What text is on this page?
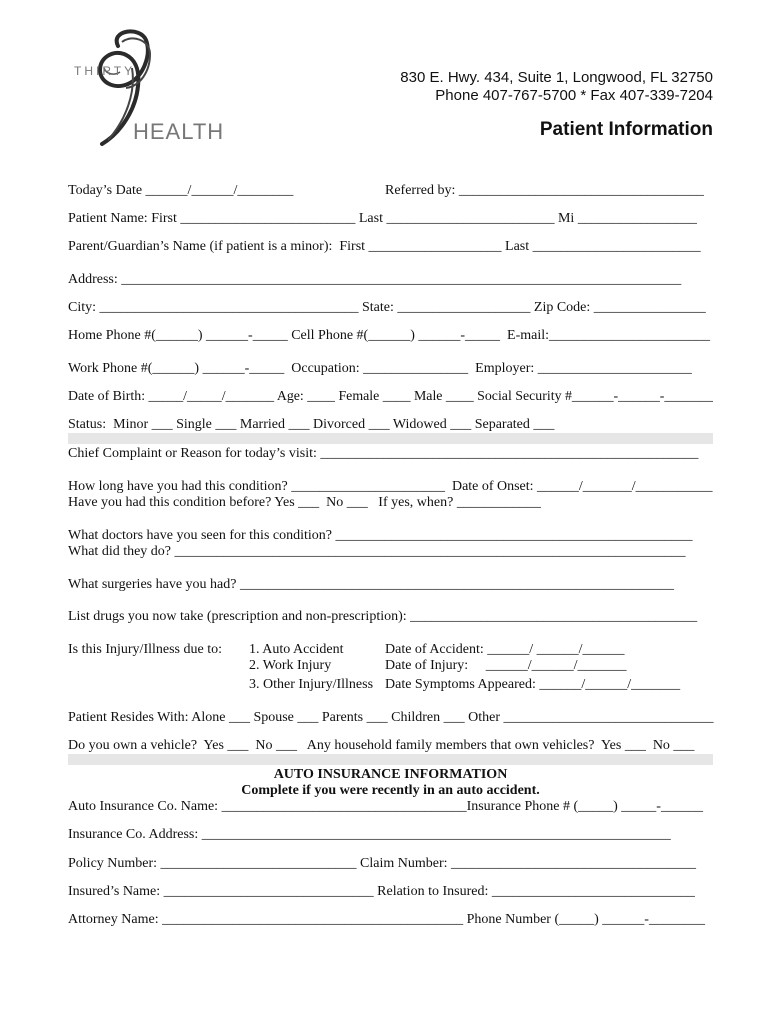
THIRTY
HEALTH
830 E. Hwy. 434, Suite 1, Longwood, FL 32750
Phone 407-767-5700 * Fax 407-339-7204
Patient Information
Today’s Date ______/______/________	Referred by: ___________________________________
Patient Name: First _________________________ Last ________________________ Mi _________________
Parent/Guardian’s Name (if patient is a minor):  First ___________________ Last ________________________
Address: ________________________________________________________________________________
City: _____________________________________ State: ___________________ Zip Code: ________________
Home Phone #(______) ______-_____ Cell Phone #(______) ______-_____  E-mail:_______________________
Work Phone #(______) ______-_____  Occupation: _______________  Employer: ______________________
Date of Birth: _____/_____/_______ Age: ____ Female ____ Male ____ Social Security #______-______-_______
Status:  Minor ___ Single ___ Married ___ Divorced ___ Widowed ___ Separated ___
Chief Complaint or Reason for today’s visit: ______________________________________________________
How long have you had this condition? ______________________  Date of Onset: ______/_______/___________
Have you had this condition before? Yes ___  No ___   If yes, when? ____________
What doctors have you seen for this condition? ___________________________________________________
What did they do? _________________________________________________________________________
What surgeries have you had? ______________________________________________________________
List drugs you now take (prescription and non-prescription): _________________________________________
Is this Injury/Illness due to: 1. Auto Accident
2. Work Injury
3. Other Injury/Illness
Date of Accident: ______/ ______/______
Date of Injury:     ______/______/_______
Date Symptoms Appeared: ______/______/_______
Patient Resides With: Alone ___ Spouse ___ Parents ___ Children ___ Other ______________________________
Do you own a vehicle?  Yes ___  No ___   Any household family members that own vehicles?  Yes ___  No ___
AUTO INSURANCE INFORMATION
Complete if you were recently in an auto accident.
Auto Insurance Co. Name: ___________________________________Insurance Phone # (_____) _____-______
Insurance Co. Address: ___________________________________________________________________
Policy Number: ____________________________ Claim Number: ___________________________________
Insured’s Name: ______________________________ Relation to Insured: _____________________________
Attorney Name: ___________________________________________ Phone Number (_____) ______-________
